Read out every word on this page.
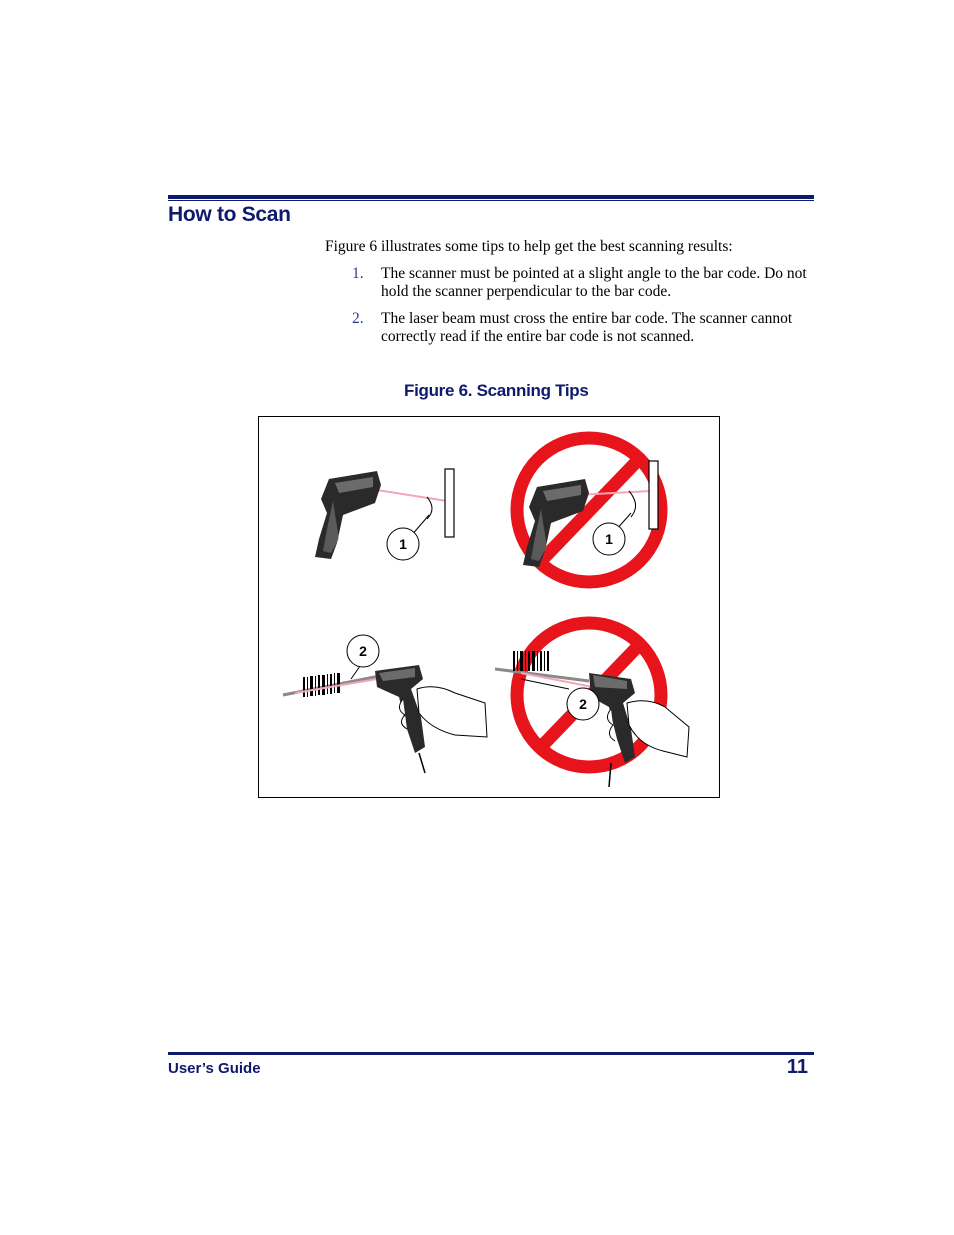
How to Scan
Figure 6 illustrates some tips to help get the best scanning results:
1. The scanner must be pointed at a slight angle to the bar code. Do not hold the scanner perpendicular to the bar code.
2. The laser beam must cross the entire bar code. The scanner cannot correctly read if the entire bar code is not scanned.
Figure 6. Scanning Tips
1	1
2
2
User’s Guide	11
